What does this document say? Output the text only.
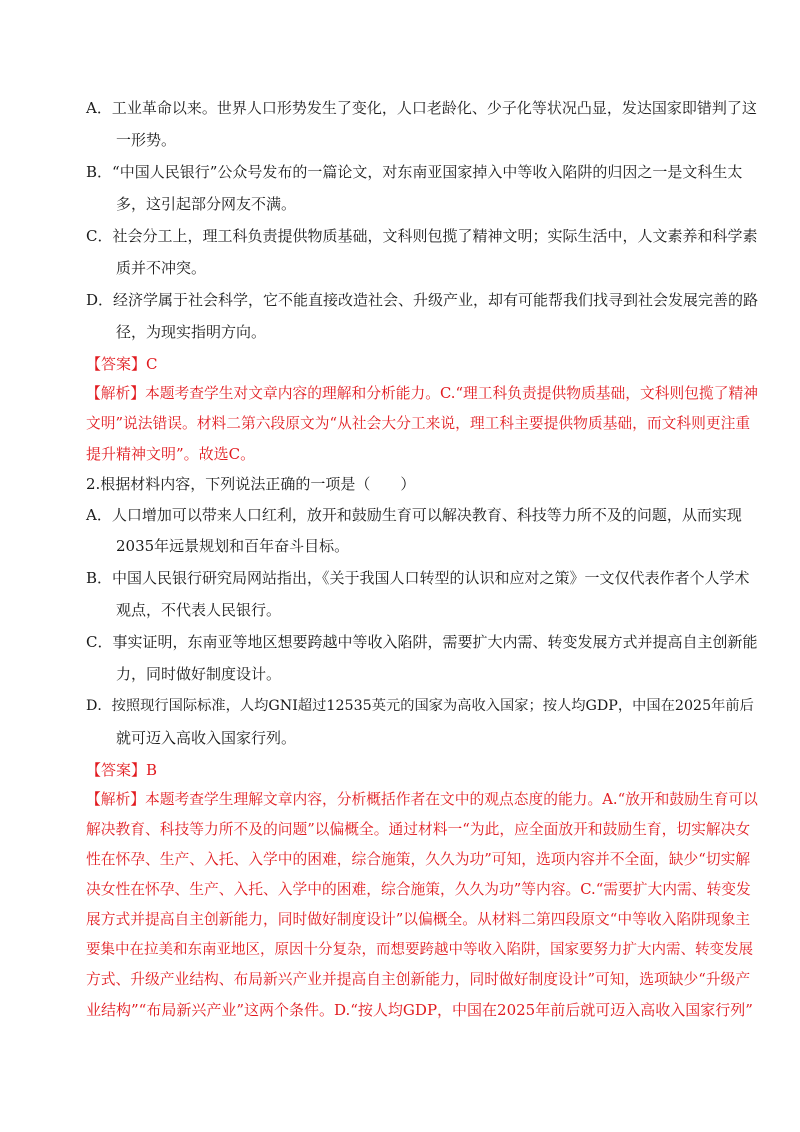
A．工业革命以来。世界人口形势发生了变化，人口老龄化、少子化等状况凸显，发达国家即错判了这
一形势。
B．“中国人民银行”公众号发布的一篇论文，对东南亚国家掉入中等收入陷阱的归因之一是文科生太
多，这引起部分网友不满。
C．社会分工上，理工科负责提供物质基础，文科则包揽了精神文明；实际生活中，人文素养和科学素
质并不冲突。
D．经济学属于社会科学，它不能直接改造社会、升级产业，却有可能帮我们找寻到社会发展完善的路
径，为现实指明方向。
【答案】C
【解析】本题考查学生对文章内容的理解和分析能力。C.“理工科负责提供物质基础，文科则包揽了精神
文明”说法错误。材料二第六段原文为“从社会大分工来说，理工科主要提供物质基础，而文科则更注重
提升精神文明”。故选C。
2.根据材料内容，下列说法正确的一项是（　　）
A．人口增加可以带来人口红利，放开和鼓励生育可以解决教育、科技等力所不及的问题，从而实现
2035年远景规划和百年奋斗目标。
B．中国人民银行研究局网站指出，《关于我国人口转型的认识和应对之策》一文仅代表作者个人学术
观点，不代表人民银行。
C．事实证明，东南亚等地区想要跨越中等收入陷阱，需要扩大内需、转变发展方式并提高自主创新能
力，同时做好制度设计。
D．按照现行国际标准，人均GNI超过12535英元的国家为高收入国家；按人均GDP，中国在2025年前后
就可迈入高收入国家行列。
【答案】B
【解析】本题考查学生理解文章内容，分析概括作者在文中的观点态度的能力。A.“放开和鼓励生育可以
解决教育、科技等力所不及的问题”以偏概全。通过材料一“为此，应全面放开和鼓励生育，切实解决女
性在怀孕、生产、入托、入学中的困难，综合施策，久久为功”可知，选项内容并不全面，缺少“切实解
决女性在怀孕、生产、入托、入学中的困难，综合施策，久久为功”等内容。C.“需要扩大内需、转变发
展方式并提高自主创新能力，同时做好制度设计”以偏概全。从材料二第四段原文“中等收入陷阱现象主
要集中在拉美和东南亚地区，原因十分复杂，而想要跨越中等收入陷阱，国家要努力扩大内需、转变发展
方式、升级产业结构、布局新兴产业并提高自主创新能力，同时做好制度设计”可知，选项缺少“升级产
业结构”“布局新兴产业”这两个条件。D.“按人均GDP，中国在2025年前后就可迈入高收入国家行列”
